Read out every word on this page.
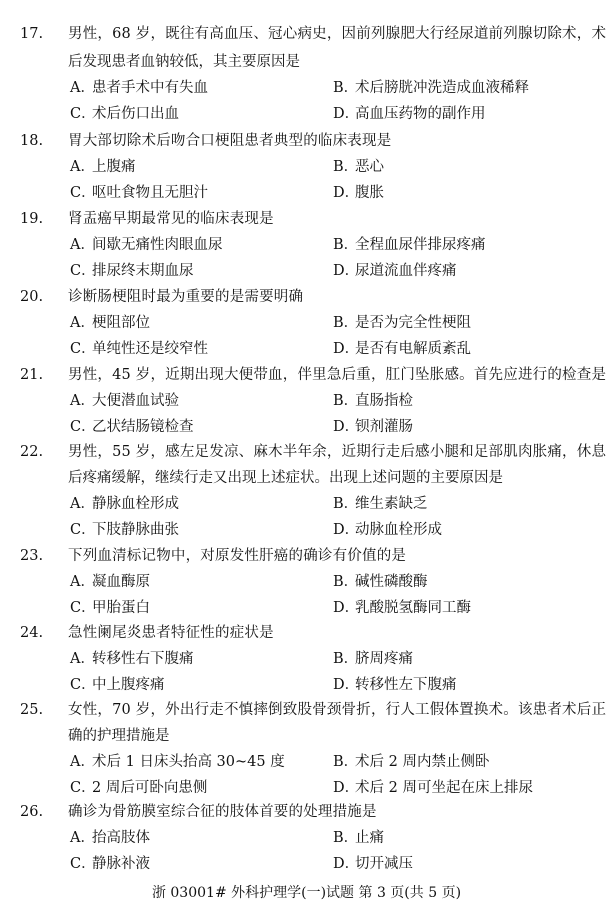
17. 男性，68 岁，既往有高血压、冠心病史，因前列腺肥大行经尿道前列腺切除术，术
后发现患者血钠较低，其主要原因是
A．患者手术中有失血	B．术后膀胱冲洗造成血液稀释
C．术后伤口出血	D．高血压药物的副作用
18. 胃大部切除术后吻合口梗阻患者典型的临床表现是
A．上腹痛	B．恶心
C．呕吐食物且无胆汁	D．腹胀
19. 肾盂癌早期最常见的临床表现是
A．间歇无痛性肉眼血尿	B．全程血尿伴排尿疼痛
C．排尿终末期血尿	D．尿道流血伴疼痛
20. 诊断肠梗阻时最为重要的是需要明确
A．梗阻部位	B．是否为完全性梗阻
C．单纯性还是绞窄性	D．是否有电解质紊乱
21. 男性，45 岁，近期出现大便带血，伴里急后重，肛门坠胀感。首先应进行的检查是
A．大便潜血试验	B．直肠指检
C．乙状结肠镜检查	D．钡剂灌肠
22. 男性，55 岁，感左足发凉、麻木半年余，近期行走后感小腿和足部肌肉胀痛，休息
后疼痛缓解，继续行走又出现上述症状。出现上述问题的主要原因是
A．静脉血栓形成	B．维生素缺乏
C．下肢静脉曲张	D．动脉血栓形成
23. 下列血清标记物中，对原发性肝癌的确诊有价值的是
A．凝血酶原	B．碱性磷酸酶
C．甲胎蛋白	D．乳酸脱氢酶同工酶
24. 急性阑尾炎患者特征性的症状是
A．转移性右下腹痛	B．脐周疼痛
C．中上腹疼痛	D．转移性左下腹痛
25. 女性，70 岁，外出行走不慎摔倒致股骨颈骨折，行人工假体置换术。该患者术后正
确的护理措施是
A．术后 1 日床头抬高 30~45 度	B．术后 2 周内禁止侧卧
C．2 周后可卧向患侧	D．术后 2 周可坐起在床上排尿
26. 确诊为骨筋膜室综合征的肢体首要的处理措施是
A．抬高肢体	B．止痛
C．静脉补液	D．切开减压
浙 03001# 外科护理学(一)试题 第 3 页(共 5 页)
